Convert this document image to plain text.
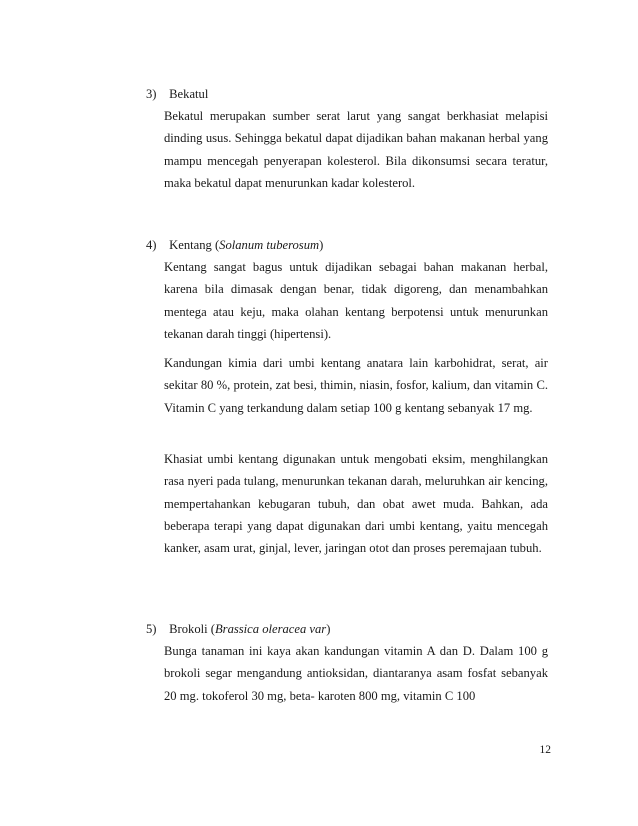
3) Bekatul

Bekatul merupakan sumber serat larut yang sangat berkhasiat melapisi dinding usus. Sehingga bekatul dapat dijadikan bahan makanan herbal yang mampu mencegah penyerapan kolesterol. Bila dikonsumsi secara teratur, maka bekatul dapat menurunkan kadar kolesterol.

4) Kentang (Solanum tuberosum)

Kentang sangat bagus untuk dijadikan sebagai bahan makanan herbal, karena bila dimasak dengan benar, tidak digoreng, dan menambahkan mentega atau keju, maka olahan kentang berpotensi untuk menurunkan tekanan darah tinggi (hipertensi).

Kandungan kimia dari umbi kentang anatara lain karbohidrat, serat, air sekitar 80 %, protein, zat besi, thimin, niasin, fosfor, kalium, dan vitamin C. Vitamin C yang terkandung dalam setiap 100 g kentang sebanyak 17 mg.

Khasiat umbi kentang digunakan untuk mengobati eksim, menghilangkan rasa nyeri pada tulang, menurunkan tekanan darah, meluruhkan air kencing, mempertahankan kebugaran tubuh, dan obat awet muda. Bahkan, ada beberapa terapi yang dapat digunakan dari umbi kentang, yaitu mencegah kanker, asam urat, ginjal, lever, jaringan otot dan proses peremajaan tubuh.

5) Brokoli (Brassica oleracea var)

Bunga tanaman ini kaya akan kandungan vitamin A dan D. Dalam 100 g brokoli segar mengandung antioksidan, diantaranya asam fosfat sebanyak 20 mg. tokoferol 30 mg, beta- karoten 800 mg, vitamin C 100

12
